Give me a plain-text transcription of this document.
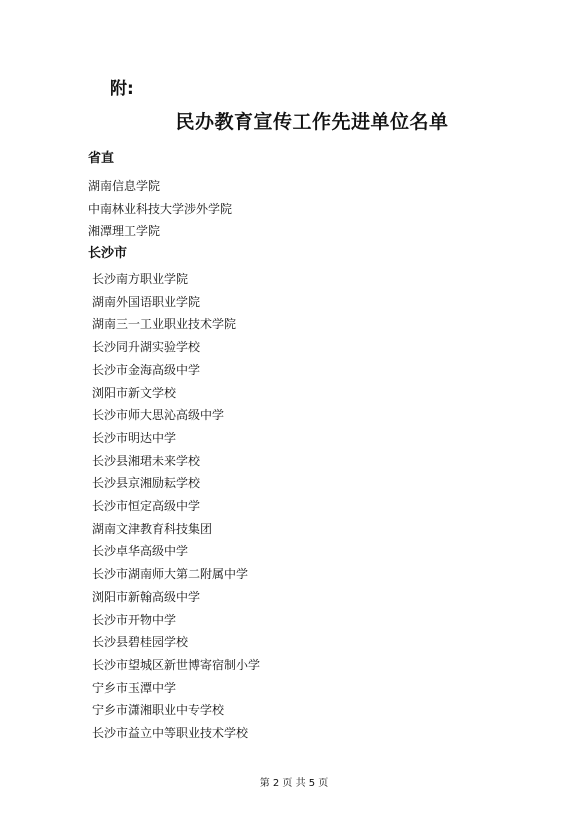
附:
民办教育宣传工作先进单位名单
省直
湖南信息学院
中南林业科技大学涉外学院
湘潭理工学院
长沙市
长沙南方职业学院
湖南外国语职业学院
湖南三一工业职业技术学院
长沙同升湖实验学校
长沙市金海高级中学
浏阳市新文学校
长沙市师大思沁高级中学
长沙市明达中学
长沙县湘珺未来学校
长沙县京湘励耘学校
长沙市恒定高级中学
湖南文津教育科技集团
长沙卓华高级中学
长沙市湖南师大第二附属中学
浏阳市新翰高级中学
长沙市开物中学
长沙县碧桂园学校
长沙市望城区新世博寄宿制小学
宁乡市玉潭中学
宁乡市潇湘职业中专学校
长沙市益立中等职业技术学校
第 2 页 共 5 页
